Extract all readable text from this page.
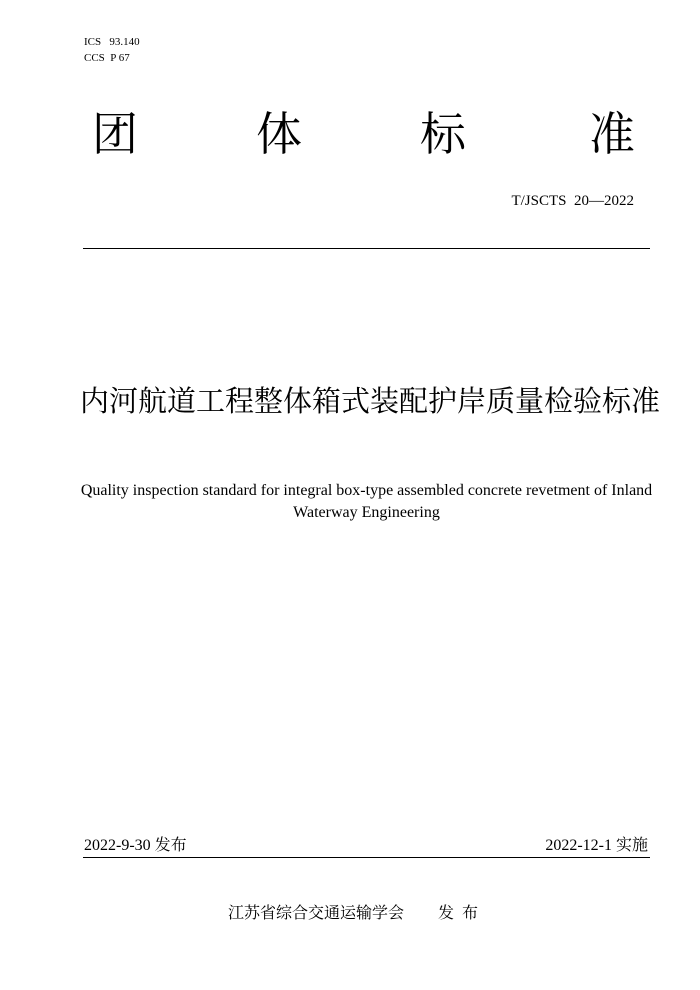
ICS   93.140
CCS  P 67
团	体	标	准
T/JSCTS  20—2022
内河航道工程整体箱式装配护岸质量检验标准
Quality inspection standard for integral box-type assembled concrete revetment of Inland Waterway Engineering
2022-9-30 发布	2022-12-1 实施
江苏省综合交通运输学会 发布
